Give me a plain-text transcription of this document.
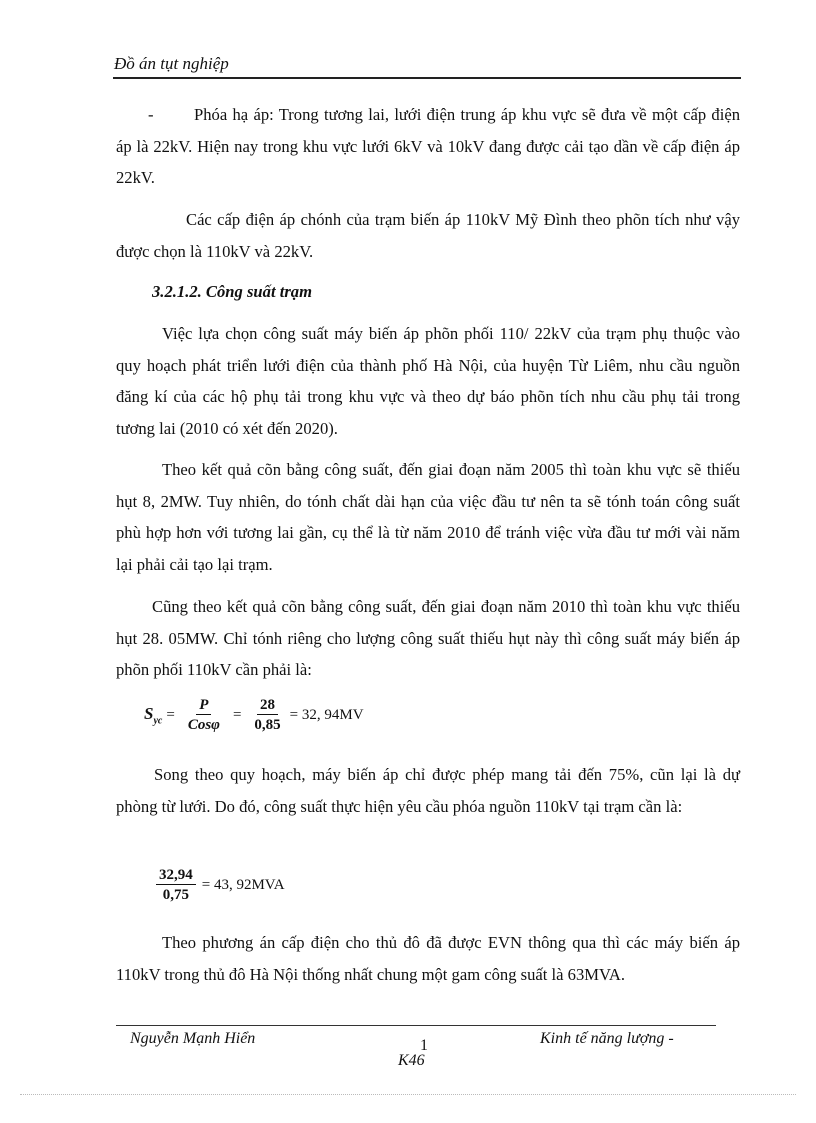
Đồ án tụt nghiệp

- Phóa hạ áp: Trong tương lai, lưới điện trung áp khu vực sẽ đưa về một cấp điện áp là 22kV. Hiện nay trong khu vực lưới 6kV và 10kV đang được cải tạo dần về cấp điện áp 22kV.

Các cấp điện áp chónh của trạm biến áp 110kV Mỹ Đình theo phõn tích như vậy được chọn là 110kV và 22kV.

3.2.1.2. Công suất trạm

Việc lựa chọn công suất máy biến áp phõn phối 110/ 22kV của trạm phụ thuộc vào quy hoạch phát triển lưới điện của thành phố Hà Nội, của huyện Từ Liêm, nhu cầu nguồn đăng kí của các hộ phụ tải trong khu vực và theo dự báo phõn tích nhu cầu phụ tải trong tương lai (2010 có xét đến 2020).

Theo kết quả cõn bằng công suất, đến giai đoạn năm 2005 thì toàn khu vực sẽ thiếu hụt 8, 2MW. Tuy nhiên, do tónh chất dài hạn của việc đầu tư nên ta sẽ tónh toán công suất phù hợp hơn với tương lai gần, cụ thể là từ năm 2010 để tránh việc vừa đầu tư mới vài năm lại phải cải tạo lại trạm.

Cũng theo kết quả cõn bằng công suất, đến giai đoạn năm 2010 thì toàn khu vực thiếu hụt 28. 05MW. Chỉ tónh riêng cho lượng công suất thiếu hụt này thì công suất máy biến áp phõn phối 110kV cần phải là:

$S_{yc} = \frac{P}{\text{Cosφ}} = \frac{28}{0,85} = 32$, 94MV

Song theo quy hoạch, máy biến áp chỉ được phép mang tải đến 75%, cũn lại là dự phòng từ lưới. Do đó, công suất thực hiện yêu cầu phóa nguồn 110kV tại trạm cần là:

$\frac{32,94}{0,75} = 43$, 92MVA

Theo phương án cấp điện cho thủ đô đã được EVN thông qua thì các máy biến áp 110kV trong thủ đô Hà Nội thống nhất chung một gam công suất là 63MVA.

Nguyễn Mạnh Hiển	1
K46
Kinh tế năng lượng -
